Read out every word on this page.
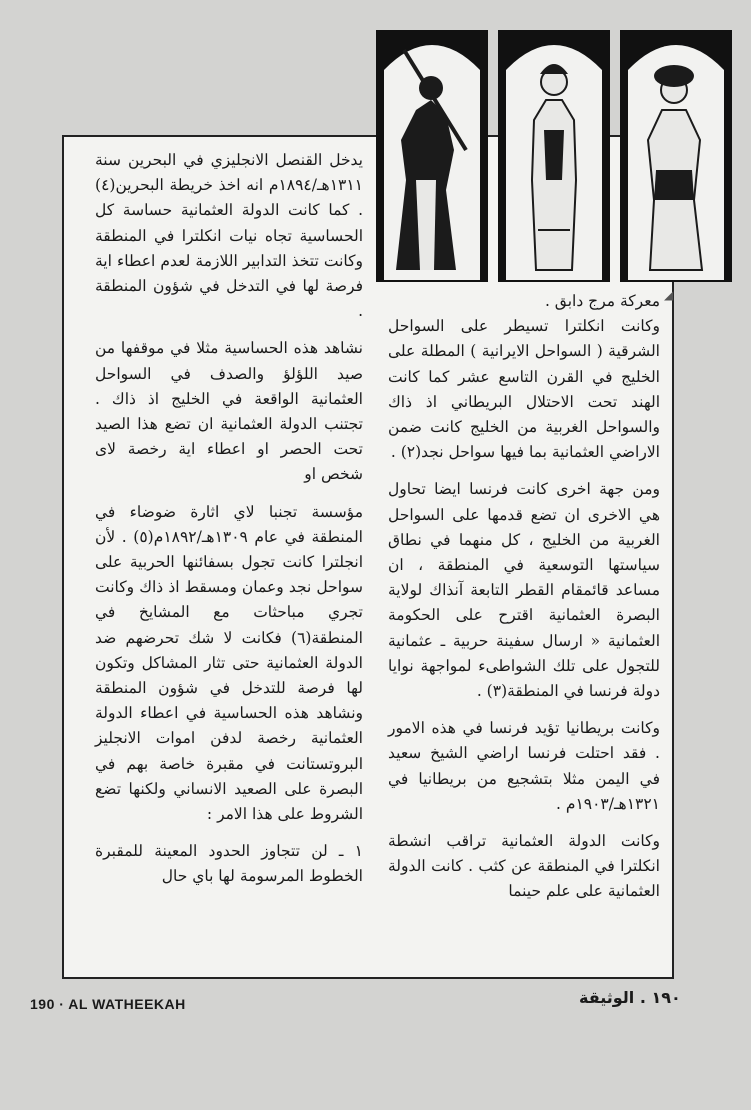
يدخل القنصل الانجليزي في البحرين سنة ١٣١١هـ/١٨٩٤م انه اخذ خريطة البحرين(٤) . كما كانت الدولة العثمانية حساسة كل الحساسية تجاه نيات انكلترا في المنطقة وكانت تتخذ التدابير اللازمة لعدم اعطاء اية فرصة لها في التدخل في شؤون المنطقة .

نشاهد هذه الحساسية مثلا في موقفها من صيد اللؤلؤ والصدف في السواحل العثمانية الواقعة في الخليج اذ ذاك . تجتنب الدولة العثمانية ان تضع هذا الصيد تحت الحصر او اعطاء اية رخصة لاى شخص او

مؤسسة تجنبا لاي اثارة ضوضاء في المنطقة في عام ١٣٠٩هـ/١٨٩٢م(٥) . لأن انجلترا كانت تجول بسفائنها الحربية على سواحل نجد وعمان ومسقط اذ ذاك وكانت تجري مباحثات مع المشايخ في المنطقة(٦) فكانت لا شك تحرضهم ضد الدولة العثمانية حتى تثار المشاكل وتكون لها فرصة للتدخل في شؤون المنطقة ونشاهد هذه الحساسية في اعطاء الدولة العثمانية رخصة لدفن اموات الانجليز البروتستانت في مقبرة خاصة بهم في البصرة على الصعيد الانساني ولكنها تضع الشروط على هذا الامر :

١ ـ لن تتجاوز الحدود المعينة للمقبرة الخطوط المرسومة لها باي حال

معركة مرج دابق .

وكانت انكلترا تسيطر على السواحل الشرقية ( السواحل الايرانية ) المطلة على الخليج في القرن التاسع عشر كما كانت الهند تحت الاحتلال البريطاني اذ ذاك والسواحل الغربية من الخليج كانت ضمن الاراضي العثمانية بما فيها سواحل نجد(٢) .

ومن جهة اخرى كانت فرنسا ايضا تحاول هي الاخرى ان تضع قدمها على السواحل الغربية من الخليج ، كل منهما في نطاق سياستها التوسعية في المنطقة ، ان مساعد قائمقام القطر التابعة آنذاك لولاية البصرة العثمانية اقترح على الحكومة العثمانية « ارسال سفينة حربية ـ عثمانية للتجول على تلك الشواطىء لمواجهة نوايا دولة فرنسا في المنطقة(٣) .

وكانت بريطانيا تؤيد فرنسا في هذه الامور . فقد احتلت فرنسا اراضي الشيخ سعيد في اليمن مثلا بتشجيع من بريطانيا في ١٣٢١هـ/١٩٠٣م .

وكانت الدولة العثمانية تراقب انشطة انكلترا في المنطقة عن كثب . كانت الدولة العثمانية على علم حينما

◢
190 · AL WATHEEKAH	١٩٠ . الوثيقة
